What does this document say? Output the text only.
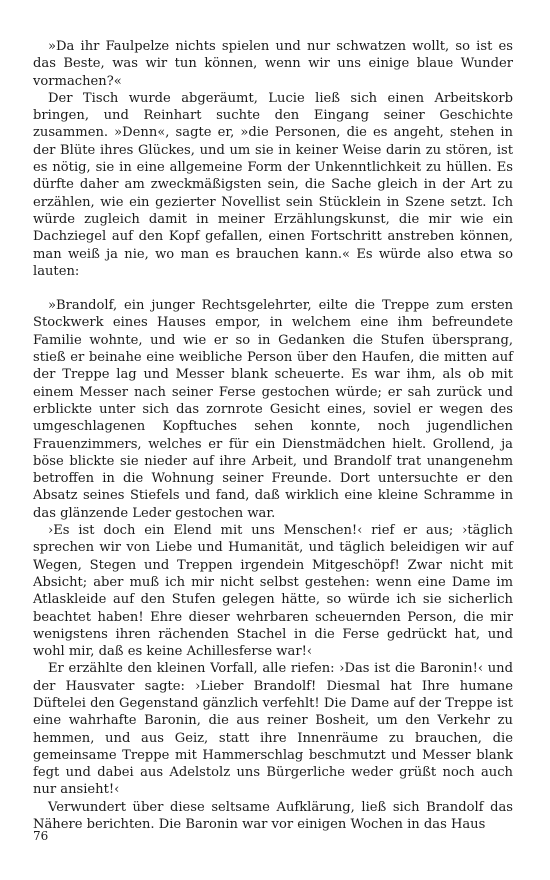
»Da ihr Faulpelze nichts spielen und nur schwatzen wollt, so ist es das Beste, was wir tun können, wenn wir uns einige blaue Wunder vormachen?«

Der Tisch wurde abgeräumt, Lucie ließ sich einen Arbeitskorb bringen, und Reinhart suchte den Eingang seiner Geschichte zusammen. »Denn«, sagte er, »die Personen, die es angeht, stehen in der Blüte ihres Glückes, und um sie in keiner Weise darin zu stören, ist es nötig, sie in eine allgemeine Form der Unkenntlichkeit zu hüllen. Es dürfte daher am zweckmäßigsten sein, die Sache gleich in der Art zu erzählen, wie ein gezierter Novellist sein Stücklein in Szene setzt. Ich würde zugleich damit in meiner Erzählungskunst, die mir wie ein Dachziegel auf den Kopf gefallen, einen Fortschritt anstreben können, man weiß ja nie, wo man es brauchen kann.« Es würde also etwa so lauten:

»Brandolf, ein junger Rechtsgelehrter, eilte die Treppe zum ersten Stockwerk eines Hauses empor, in welchem eine ihm befreundete Familie wohnte, und wie er so in Gedanken die Stufen übersprang, stieß er beinahe eine weibliche Person über den Haufen, die mitten auf der Treppe lag und Messer blank scheuerte. Es war ihm, als ob mit einem Messer nach seiner Ferse gestochen würde; er sah zurück und erblickte unter sich das zornrote Gesicht eines, soviel er wegen des umgeschlagenen Kopftuches sehen konnte, noch jugendlichen Frauenzimmers, welches er für ein Dienstmädchen hielt. Grollend, ja böse blickte sie nieder auf ihre Arbeit, und Brandolf trat unangenehm betroffen in die Wohnung seiner Freunde. Dort untersuchte er den Absatz seines Stiefels und fand, daß wirklich eine kleine Schramme in das glänzende Leder gestochen war.

›Es ist doch ein Elend mit uns Menschen!‹ rief er aus; ›täglich sprechen wir von Liebe und Humanität, und täglich beleidigen wir auf Wegen, Stegen und Treppen irgendein Mitgeschöpf! Zwar nicht mit Absicht; aber muß ich mir nicht selbst gestehen: wenn eine Dame im Atlaskleide auf den Stufen gelegen hätte, so würde ich sie sicherlich beachtet haben! Ehre dieser wehrbaren scheuernden Person, die mir wenigstens ihren rächenden Stachel in die Ferse gedrückt hat, und wohl mir, daß es keine Achillesferse war!‹

Er erzählte den kleinen Vorfall, alle riefen: ›Das ist die Baronin!‹ und der Hausvater sagte: ›Lieber Brandolf! Diesmal hat Ihre humane Düftelei den Gegenstand gänzlich verfehlt! Die Dame auf der Treppe ist eine wahrhafte Baronin, die aus reiner Bosheit, um den Verkehr zu hemmen, und aus Geiz, statt ihre Innenräume zu brauchen, die gemeinsame Treppe mit Hammerschlag beschmutzt und Messer blank fegt und dabei aus Adelstolz uns Bürgerliche weder grüßt noch auch nur ansieht!‹

Verwundert über diese seltsame Aufklärung, ließ sich Brandolf das Nähere berichten. Die Baronin war vor einigen Wochen in das Haus

76
